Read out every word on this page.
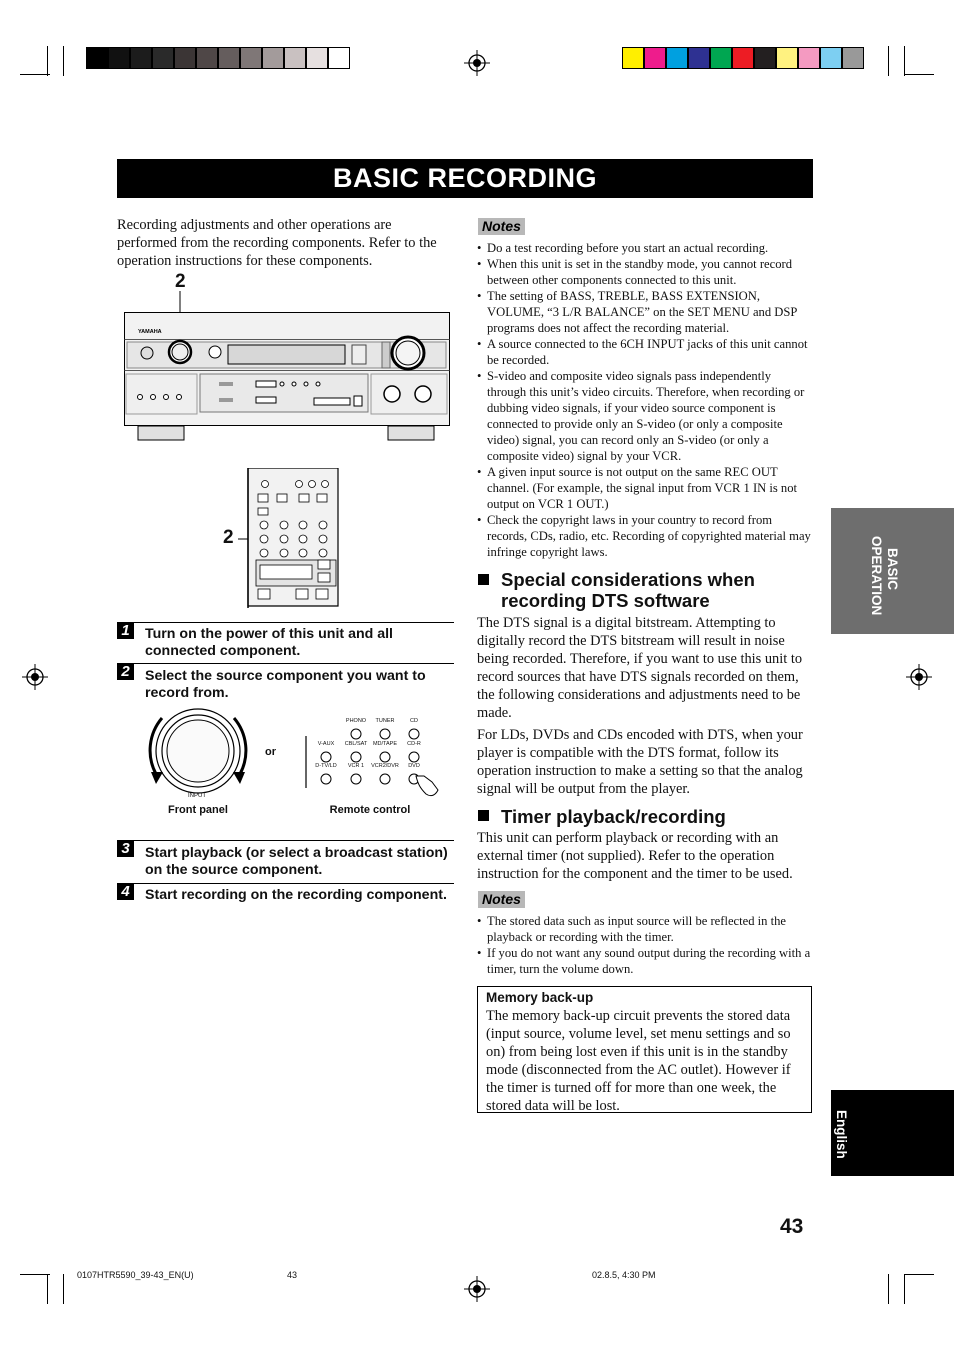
BASIC RECORDING
Recording adjustments and other operations are performed from the recording components. Refer to the operation instructions for these components.
2
YAMAHA
2
1	Turn on the power of this unit and all connected component.
2	Select the source component you want to record from.
INPUT
or
PHONO	TUNER	CD
V-AUX	CBL/SAT	MD/TAPE	CD-R
D-TV/LD	VCR 1	VCR2/DVR	DVD
Front panel	Remote control
3	Start playback (or select a broadcast station) on the source component.
4	Start recording on the recording component.
Notes
• Do a test recording before you start an actual recording.
• When this unit is set in the standby mode, you cannot record between other components connected to this unit.
• The setting of BASS, TREBLE, BASS EXTENSION, VOLUME, “3 L/R BALANCE” on the SET MENU and DSP programs does not affect the recording material.
• A source connected to the 6CH INPUT jacks of this unit cannot be recorded.
• S-video and composite video signals pass independently through this unit’s video circuits. Therefore, when recording or dubbing video signals, if your video source component is connected to provide only an S-video (or only a composite video) signal, you can record only an S-video (or only a composite video) signal by your VCR.
• A given input source is not output on the same REC OUT channel. (For example, the signal input from VCR 1 IN is not output on VCR 1 OUT.)
• Check the copyright laws in your country to record from records, CDs, radio, etc. Recording of copyrighted material may infringe copyright laws.
Special considerations when recording DTS software
The DTS signal is a digital bitstream. Attempting to digitally record the DTS bitstream will result in noise being recorded. Therefore, if you want to use this unit to record sources that have DTS signals recorded on them, the following considerations and adjustments need to be made.
For LDs, DVDs and CDs encoded with DTS, when your player is compatible with the DTS format, follow its operation instruction to make a setting so that the analog signal will be output from the player.
Timer playback/recording
This unit can perform playback or recording with an external timer (not supplied). Refer to the operation instruction for the component and the timer to be used.
Notes
• The stored data such as input source will be reflected in the playback or recording with the timer.
• If you do not want any sound output during the recording with a timer, turn the volume down.
Memory back-up
The memory back-up circuit prevents the stored data (input source, volume level, set menu settings and so on) from being lost even if this unit is in the standby mode (disconnected from the AC outlet). However if the timer is turned off for more than one week, the stored data will be lost.
BASIC
OPERATION
English
43
0107HTR5590_39-43_EN(U)	43	02.8.5, 4:30 PM
